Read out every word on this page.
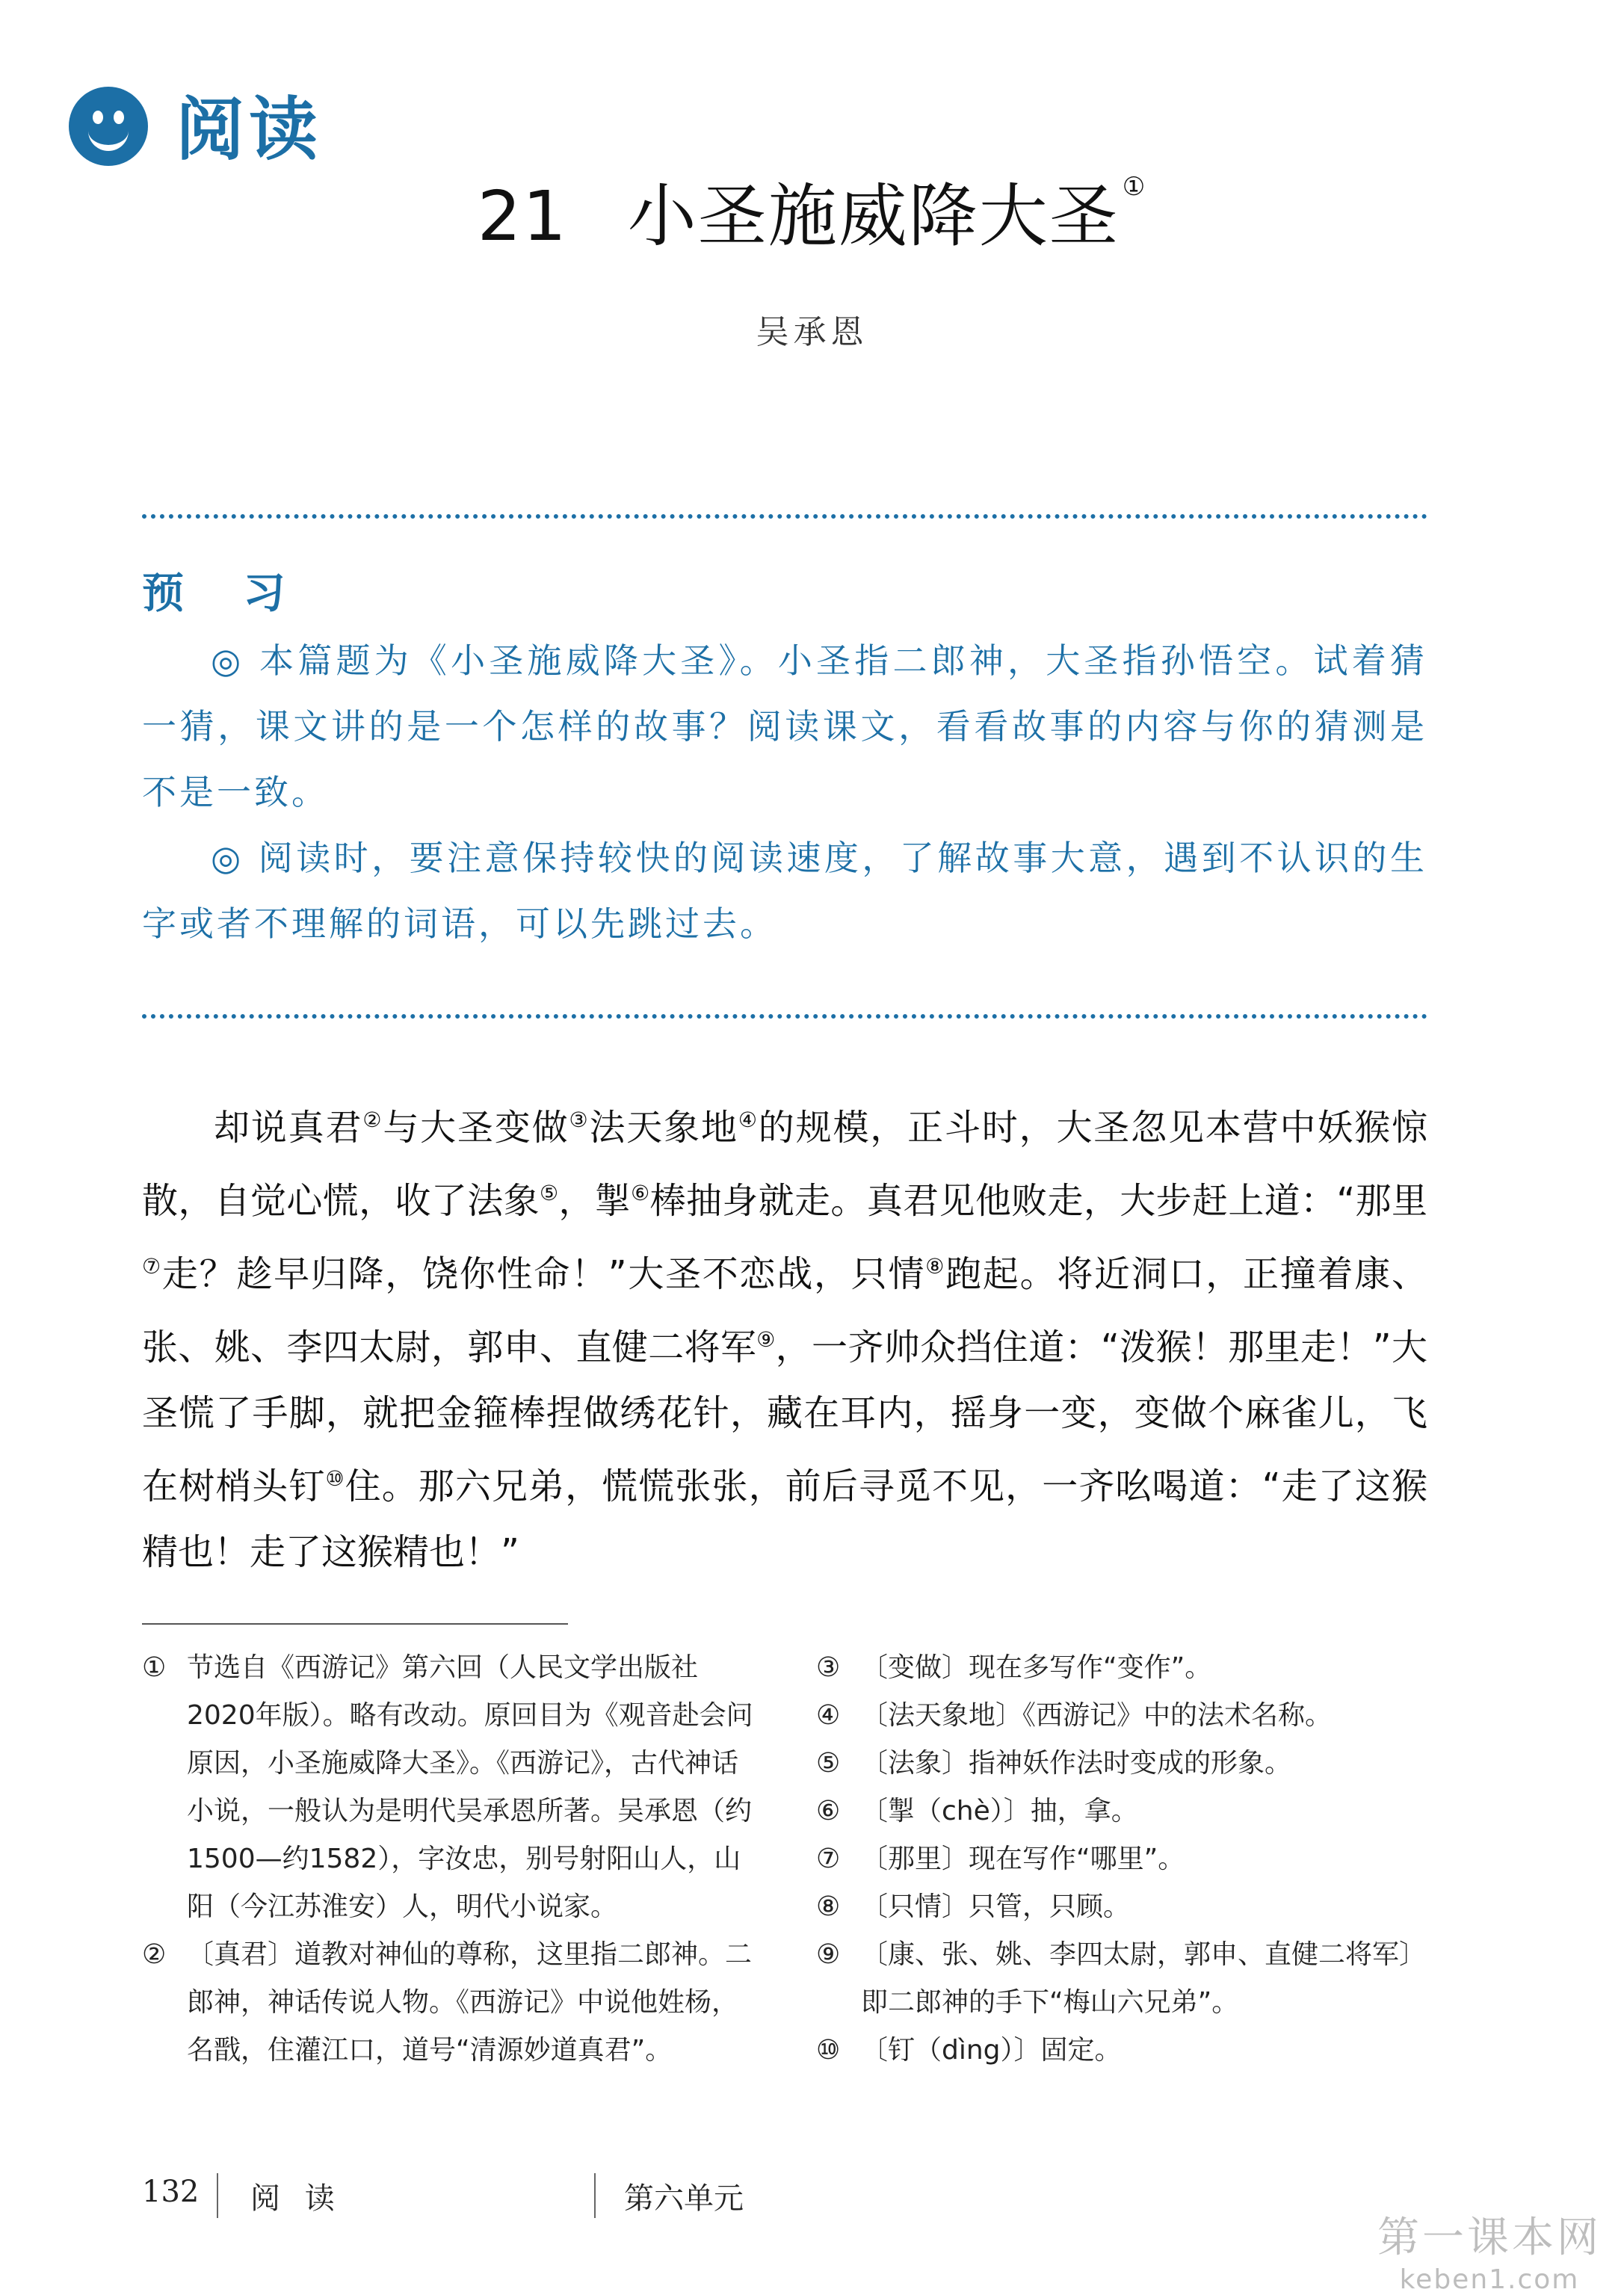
阅读
21 小圣施威降大圣 ①
吴承恩
预 习

◎ 本篇题为《小圣施威降大圣》。小圣指二郎神，大圣指孙悟空。试着猜一猜，课文讲的是一个怎样的故事？阅读课文，看看故事的内容与你的猜测是不是一致。

◎ 阅读时，要注意保持较快的阅读速度，了解故事大意，遇到不认识的生字或者不理解的词语，可以先跳过去。

却说真君②与大圣变做③法天象地④的规模，正斗时，大圣忽见本营中妖猴惊散，自觉心慌，收了法象⑤，掣⑥棒抽身就走。真君见他败走，大步赶上道：“那里⑦走？趁早归降，饶你性命！”大圣不恋战，只情⑧跑起。将近洞口，正撞着康、张、姚、李四太尉，郭申、直健二将军⑨，一齐帅众挡住道：“泼猴！那里走！”大圣慌了手脚，就把金箍棒捏做绣花针，藏在耳内，摇身一变，变做个麻雀儿，飞在树梢头钉⑩住。那六兄弟，慌慌张张，前后寻觅不见，一齐吆喝道：“走了这猴精也！走了这猴精也！”

① 节选自《西游记》第六回（人民文学出版社2020年版）。略有改动。原回目为《观音赴会问原因，小圣施威降大圣》。《西游记》，古代神话小说，一般认为是明代吴承恩所著。吴承恩（约1500—约1582），字汝忠，别号射阳山人，山阳（今江苏淮安）人，明代小说家。
② 〔真君〕道教对神仙的尊称，这里指二郎神。二郎神，神话传说人物。《西游记》中说他姓杨，名戬，住灌江口，道号“清源妙道真君”。
③ 〔变做〕现在多写作“变作”。
④ 〔法天象地〕《西游记》中的法术名称。
⑤ 〔法象〕指神妖作法时变成的形象。
⑥ 〔掣（chè）〕抽，拿。
⑦ 〔那里〕现在写作“哪里”。
⑧ 〔只情〕只管，只顾。
⑨ 〔康、张、姚、李四太尉，郭申、直健二将军〕即二郎神的手下“梅山六兄弟”。
⑩ 〔钉（dìng）〕固定。
132 阅 读	第六单元
第一课本网
keben1.com
